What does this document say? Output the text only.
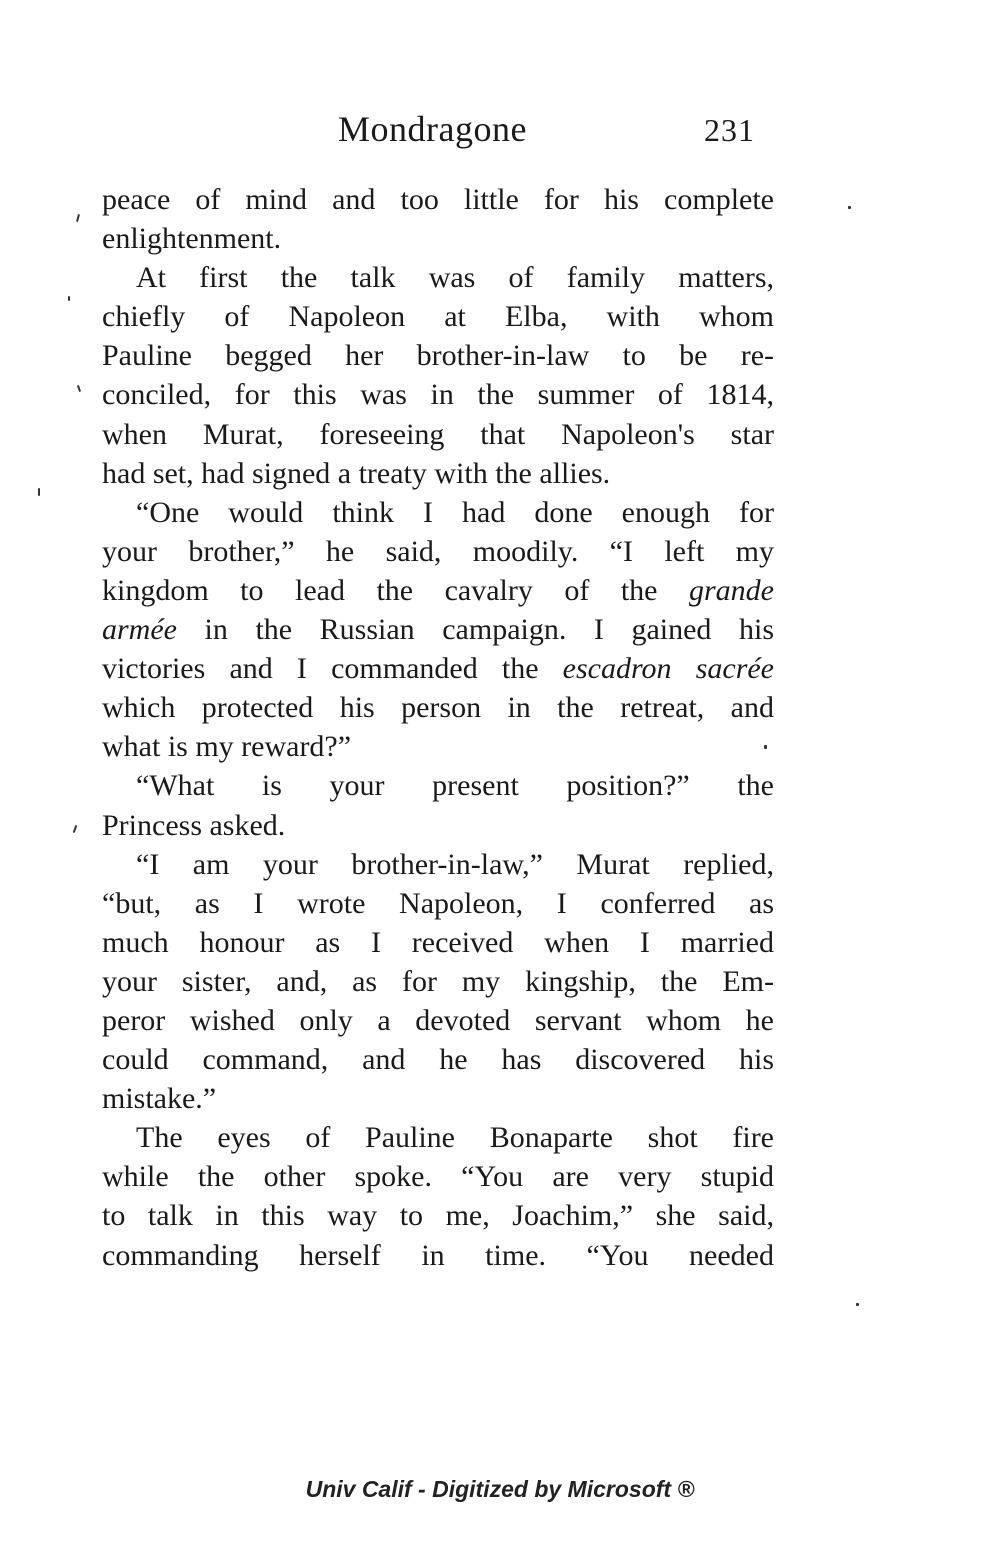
Mondragone	231
peace of mind and too little for his complete
enlightenment.
At first the talk was of family matters,
chiefly of Napoleon at Elba, with whom
Pauline begged her brother-in-law to be re-
conciled, for this was in the summer of 1814,
when Murat, foreseeing that Napoleon's star
had set, had signed a treaty with the allies.
“One would think I had done enough for
your brother,” he said, moodily. “I left my
kingdom to lead the cavalry of the grande
armée in the Russian campaign. I gained his
victories and I commanded the escadron sacrée
which protected his person in the retreat, and
what is my reward?”
“What is your present position?” the
Princess asked.
“I am your brother-in-law,” Murat replied,
“but, as I wrote Napoleon, I conferred as
much honour as I received when I married
your sister, and, as for my kingship, the Em-
peror wished only a devoted servant whom he
could command, and he has discovered his
mistake.”
The eyes of Pauline Bonaparte shot fire
while the other spoke. “You are very stupid
to talk in this way to me, Joachim,” she said,
commanding herself in time. “You needed
Univ Calif - Digitized by Microsoft ®
